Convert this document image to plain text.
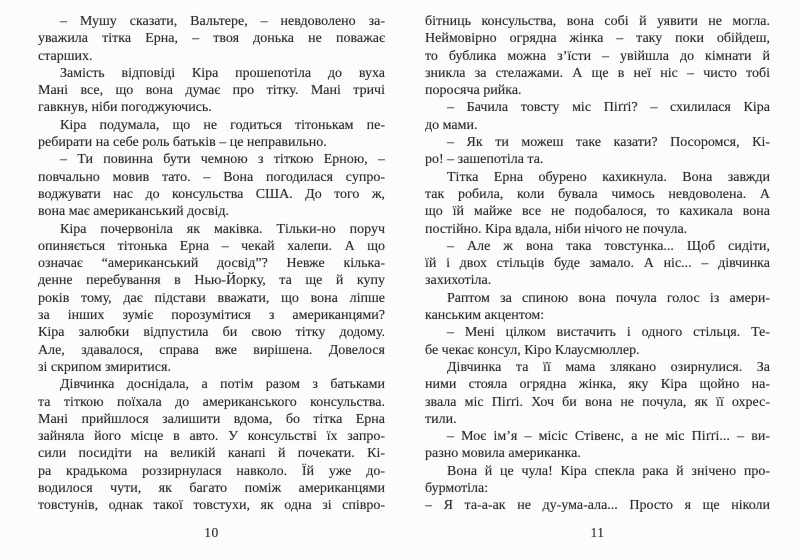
– Мушу сказати, Вальтере, – невдоволено за-
уважила тітка Ерна, – твоя донька не поважає
старших.
Замість відповіді Кіра прошепотіла до вуха
Мані все, що вона думає про тітку. Мані тричі
гавкнув, ніби погоджуючись.
Кіра подумала, що не годиться тітонькам пе-
ребирати на себе роль батьків – це неправильно.
– Ти повинна бути чемною з тіткою Ерною, –
повчально мовив тато. – Вона погодилася супро-
воджувати нас до консульства США. До того ж,
вона має американський досвід.
Кіра почервоніла як маківка. Тільки-но поруч
опиняється тітонька Ерна – чекай халепи. А що
означає “американський досвід”? Невже кілька-
денне перебування в Нью-Йорку, та ще й купу
років тому, дає підстави вважати, що вона ліпше
за інших зуміє порозумітися з американцями?
Кіра залюбки відпустила би свою тітку додому.
Але, здавалося, справа вже вирішена. Довелося
зі скрипом змиритися.
Дівчинка доснідала, а потім разом з батьками
та тіткою поїхала до американського консульства.
Мані прийшлося залишити вдома, бо тітка Ерна
зайняла його місце в авто. У консульстві їх запро-
сили посидіти на великій канапі й почекати. Кі-
ра крадькома роззирнулася навколо. Їй уже до-
водилося чути, як багато поміж американцями
товстунів, однак такої товстухи, як одна зі співро-
10
бітниць консульства, вона собі й уявити не могла.
Неймовірно огрядна жінка – таку поки обійдеш,
то бублика можна з’їсти – увійшла до кімнати й
зникла за стелажами. А ще в неї ніс – чисто тобі
поросяча рийка.
– Бачила товсту міс Піґґі? – схилилася Кіра
до мами.
– Як ти можеш таке казати? Посоромся, Кі-
ро! – зашепотіла та.
Тітка Ерна обурено кахикнула. Вона завжди
так робила, коли бувала чимось невдоволена. А
що їй майже все не подобалося, то кахикала вона
постійно. Кіра вдала, ніби нічого не почула.
– Але ж вона така товстунка... Щоб сидіти,
їй і двох стільців буде замало. А ніс... – дівчинка
захихотіла.
Раптом за спиною вона почула голос із амери-
канським акцентом:
– Мені цілком вистачить і одного стільця. Те-
бе чекає консул, Кіро Клаусмюллер.
Дівчинка та її мама злякано озирнулися. За
ними стояла огрядна жінка, яку Кіра щойно на-
звала міс Піґґі. Хоч би вона не почула, як її охрес-
тили.
– Моє ім’я – місіс Стівенс, а не міс Піґґі... – ви-
разно мовила американка.
Вона й це чула! Кіра спекла рака й знічено про-
бурмотіла:
– Я та-а-ак не ду-ума-ала... Просто я ще ніколи
11
